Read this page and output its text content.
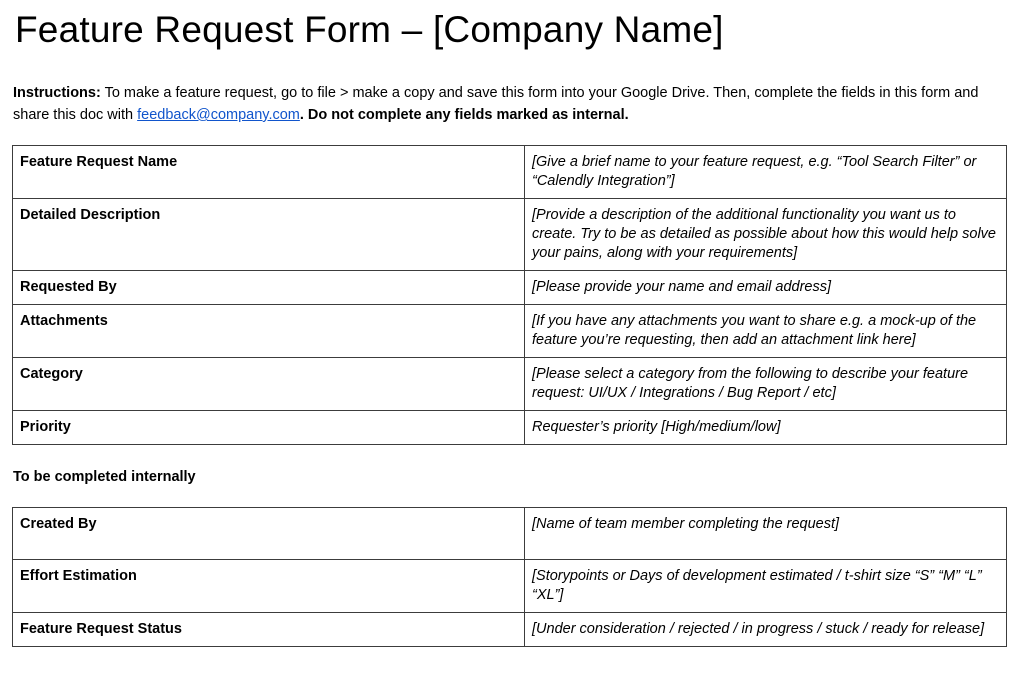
Feature Request Form – [Company Name]

Instructions: To make a feature request, go to file > make a copy and save this form into your Google Drive. Then, complete the fields in this form and share this doc with feedback@company.com. Do not complete any fields marked as internal.

Feature Request Name	[Give a brief name to your feature request, e.g. “Tool Search Filter” or “Calendly Integration”]
Detailed Description	[Provide a description of the additional functionality you want us to create. Try to be as detailed as possible about how this would help solve your pains, along with your requirements]
Requested By	[Please provide your name and email address]
Attachments	[If you have any attachments you want to share e.g. a mock-up of the feature you’re requesting, then add an attachment link here]
Category	[Please select a category from the following to describe your feature request: UI/UX / Integrations / Bug Report / etc]
Priority	Requester’s priority [High/medium/low]
To be completed internally
Created By	[Name of team member completing the request]
Effort Estimation	[Storypoints or Days of development estimated / t-shirt size “S” “M” “L” “XL”]
Feature Request Status	[Under consideration / rejected / in progress / stuck / ready for release]
